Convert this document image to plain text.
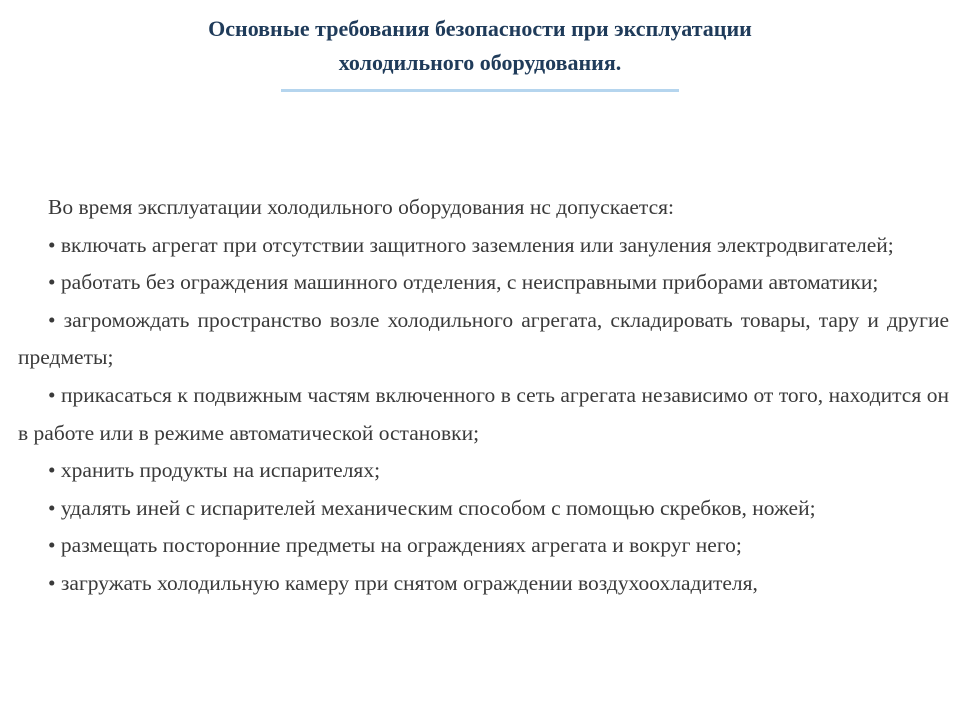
Основные требования безопасности при эксплуатации
холодильного оборудования.

Во время эксплуатации холодильного оборудования нс допускается:

• включать агрегат при отсутствии защитного заземления или зануления электродвигателей;

• работать без ограждения машинного отделения, с неисправными приборами автоматики;

• загромождать пространство возле холодильного агрегата, складировать товары, тару и другие предметы;

• прикасаться к подвижным частям включенного в сеть агрегата независимо от того, находится он в работе или в режиме автоматической остановки;

• хранить продукты на испарителях;

• удалять иней с испарителей механическим способом с помощью скребков, ножей;

• размещать посторонние предметы на ограждениях агрегата и вокруг него;

• загружать холодильную камеру при снятом ограждении воздухоохладителя,
